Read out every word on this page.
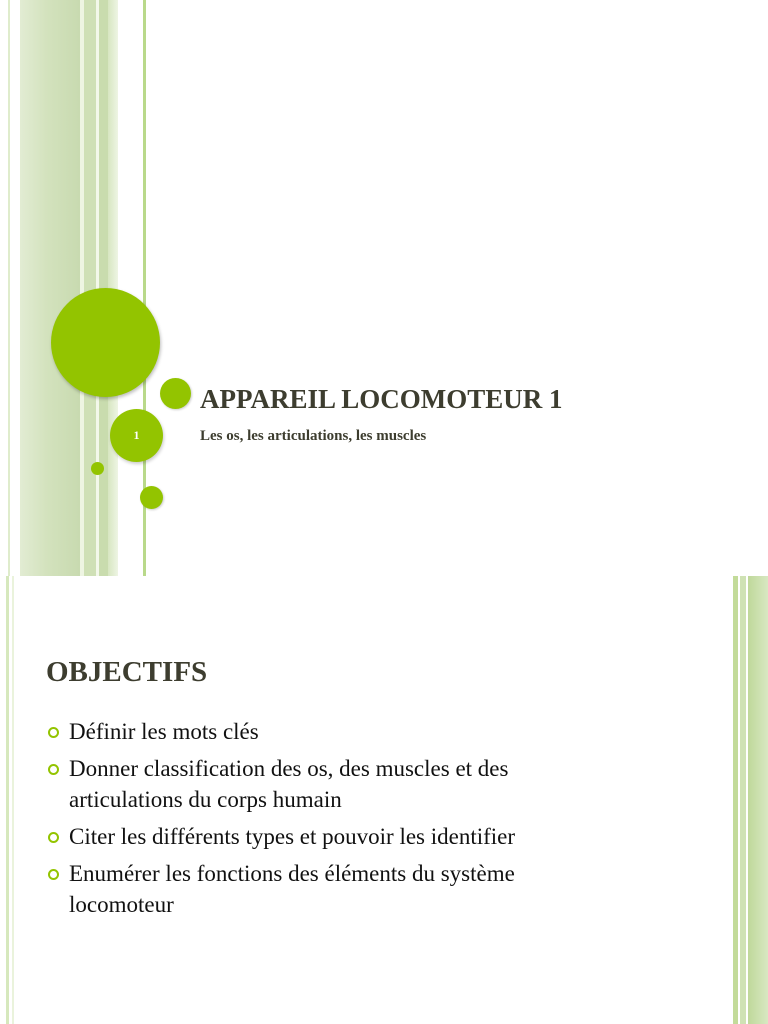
1
APPAREIL LOCOMOTEUR 1
Les os, les articulations, les muscles
OBJECTIFS
Définir les mots clés
Donner classification des os, des muscles et des articulations du corps humain
Citer les différents types et pouvoir les identifier
Enumérer les fonctions des éléments du système locomoteur
